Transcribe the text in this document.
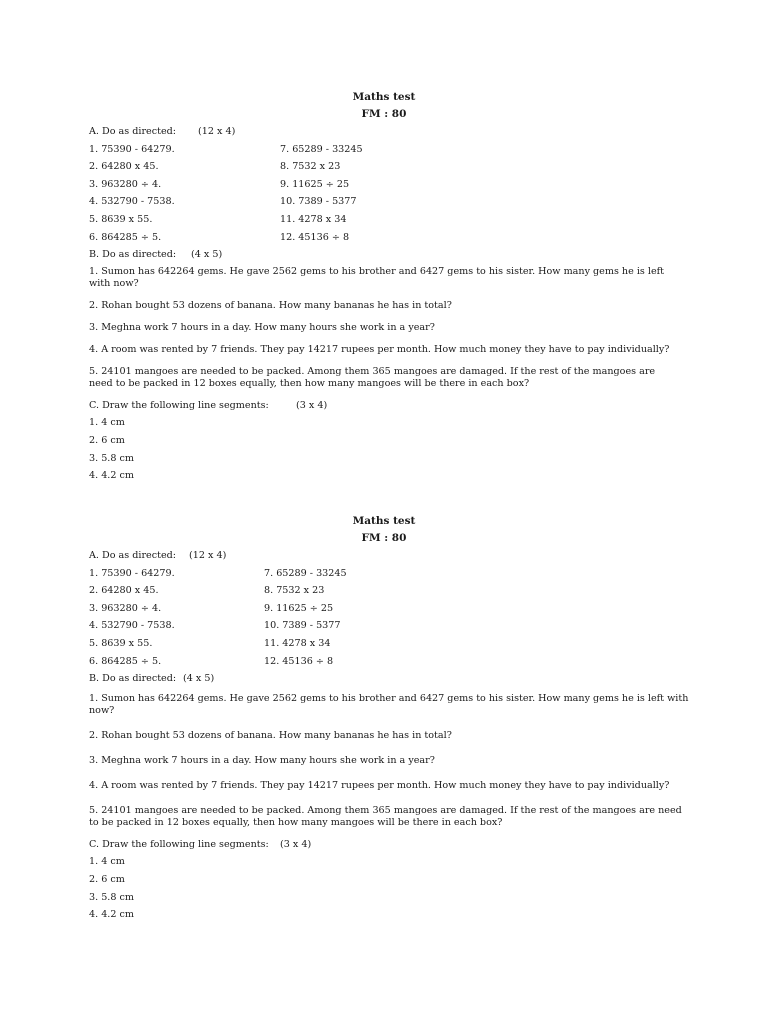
Maths test

FM : 80

A. Do as directed: (12 x 4)
1. 75390 - 64279.	7. 65289 - 33245
2. 64280 x 45.	8. 7532 x 23
3. 963280 ÷ 4.	9. 11625 ÷ 25
4. 532790 - 7538.	10. 7389 - 5377
5. 8639 x 55.	11. 4278 x 34
6. 864285 ÷ 5.	12. 45136 ÷ 8
B. Do as directed: (4 x 5)
1. Sumon has 642264 gems. He gave 2562 gems to his brother and 6427 gems to his sister. How many gems he is left with now?
2. Rohan bought 53 dozens of banana. How many bananas he has in total?
3. Meghna work 7 hours in a day. How many hours she work in a year?
4. A room was rented by 7 friends. They pay 14217 rupees per month. How much money they have to pay individually?
5. 24101 mangoes are needed to be packed. Among them 365 mangoes are damaged. If the rest of the mangoes are need to be packed in 12 boxes equally, then how many mangoes will be there in each box?
C. Draw the following line segments:	(3 x 4)
1. 4 cm
2. 6 cm
3. 5.8 cm
4. 4.2 cm

Maths test

FM : 80

A. Do as directed: (12 x 4)
1. 75390 - 64279.	7. 65289 - 33245
2. 64280 x 45.	8. 7532 x 23
3. 963280 ÷ 4.	9. 11625 ÷ 25
4. 532790 - 7538.	10. 7389 - 5377
5. 8639 x 55.	11. 4278 x 34
6. 864285 ÷ 5.	12. 45136 ÷ 8
B. Do as directed: (4 x 5)
1. Sumon has 642264 gems. He gave 2562 gems to his brother and 6427 gems to his sister. How many gems he is left with now?
2. Rohan bought 53 dozens of banana. How many bananas he has in total?
3. Meghna work 7 hours in a day. How many hours she work in a year?
4. A room was rented by 7 friends. They pay 14217 rupees per month. How much money they have to pay individually?
5. 24101 mangoes are needed to be packed. Among them 365 mangoes are damaged. If the rest of the mangoes are need to be packed in 12 boxes equally, then how many mangoes will be there in each box?
C. Draw the following line segments: (3 x 4)
1. 4 cm
2. 6 cm
3. 5.8 cm
4. 4.2 cm
